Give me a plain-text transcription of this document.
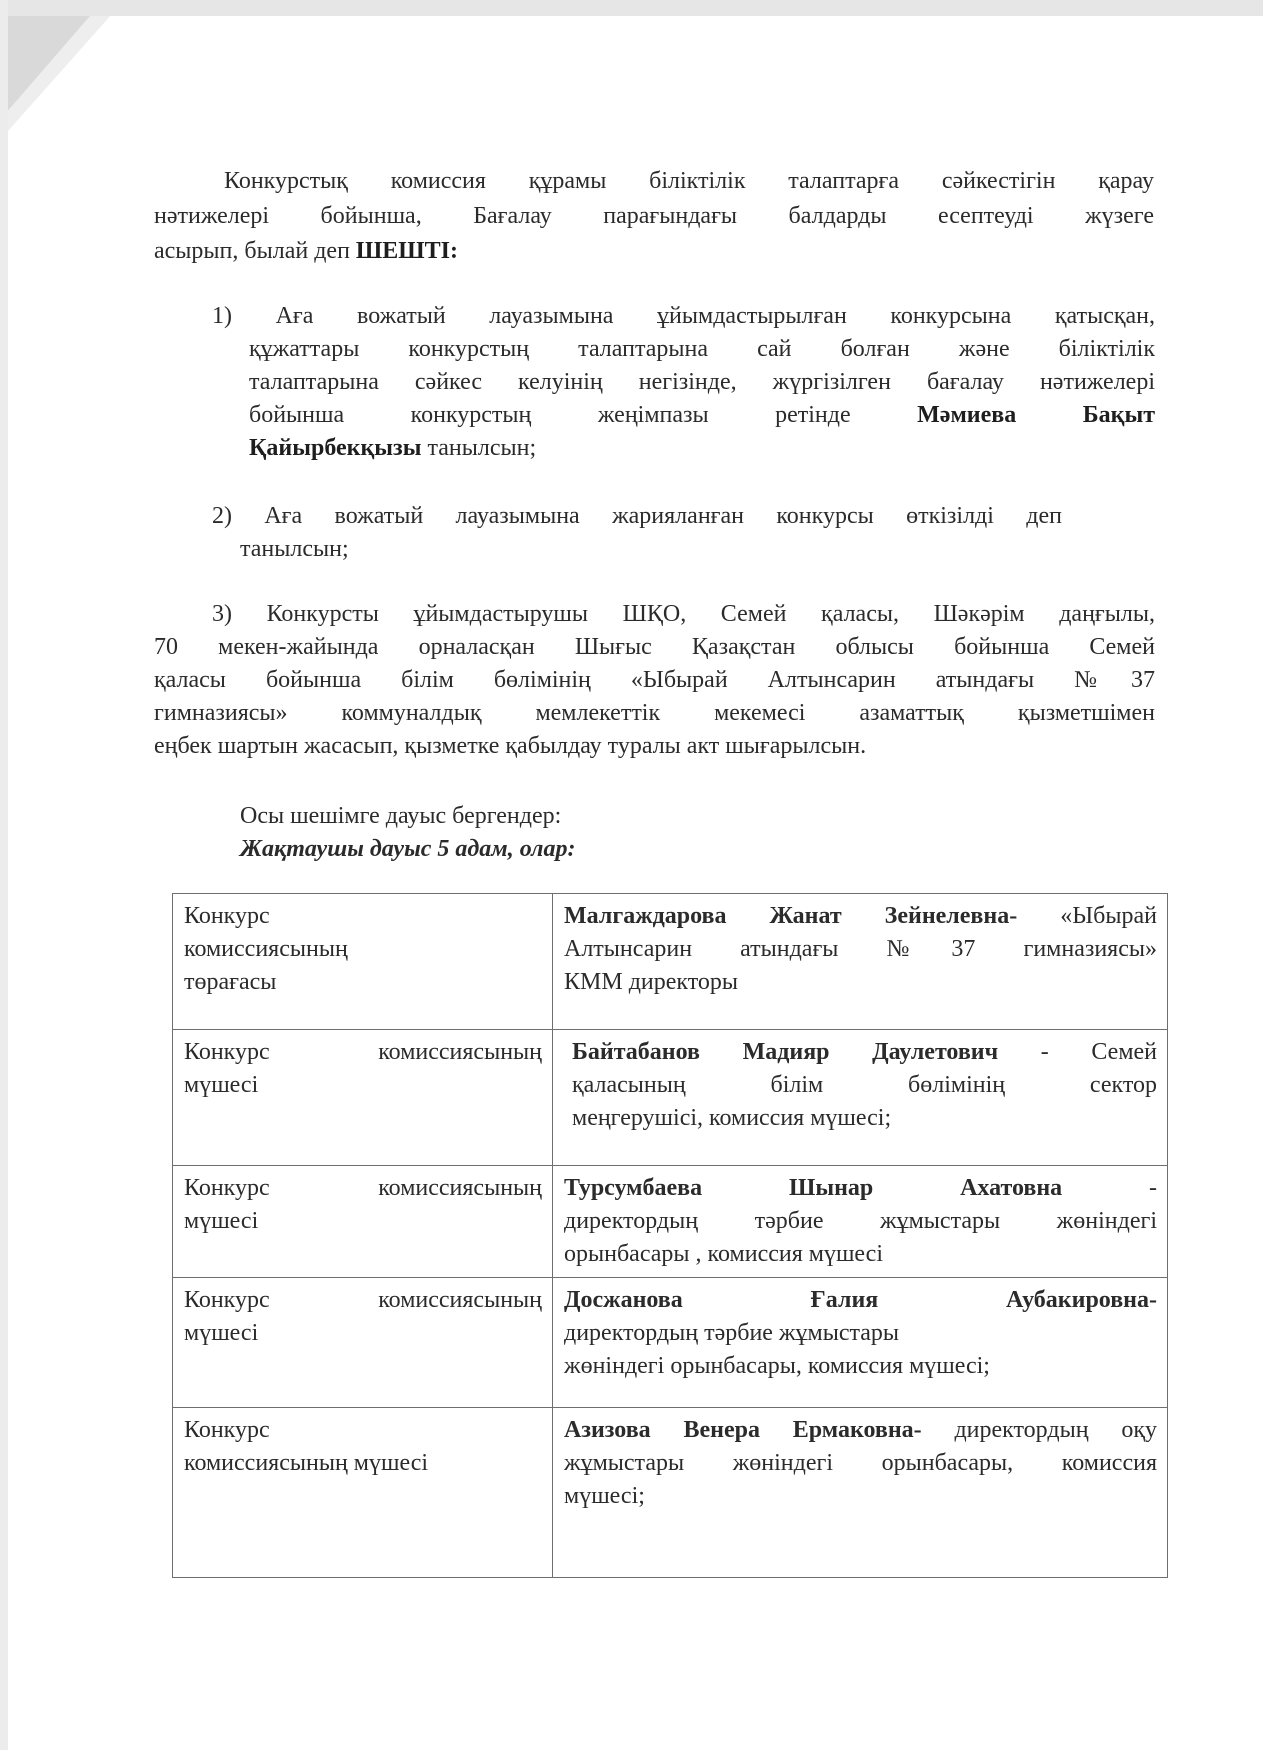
Конкурстық комиссия құрамы біліктілік талаптарға сәйкестігін қарау
нәтижелері бойынша, Бағалау парағындағы балдарды есептеуді жүзеге
асырып, былай деп ШЕШТІ:
1) Аға вожатый лауазымына ұйымдастырылған конкурсына қатысқан,
құжаттары конкурстың талаптарына сай болған және біліктілік
талаптарына сәйкес келуінің негізінде, жүргізілген бағалау нәтижелері
бойынша конкурстың жеңімпазы ретінде Мәмиева Бақыт
Қайырбекқызы танылсын;
2) Аға вожатый лауазымына жарияланған конкурсы өткізілді деп
танылсын;
3) Конкурсты ұйымдастырушы ШҚО, Семей қаласы, Шәкәрім даңғылы,
70 мекен-жайында орналасқан Шығыс Қазақстан облысы бойынша Семей
қаласы бойынша білім бөлімінің «Ыбырай Алтынсарин атындағы №37
гимназиясы» коммуналдық мемлекеттік мекемесі азаматтық қызметшімен
еңбек шартын жасасып, қызметке қабылдау туралы акт шығарылсын.
Осы шешімге дауыс бергендер:
Жақтаушы дауыс 5 адам, олар:
Конкурс
комиссиясының
төрағасы	Малгаждарова Жанат Зейнелевна- «Ыбырай
Алтынсарин атындағы №37 гимназиясы»
КММ директоры

Конкурс комиссиясының
мүшесі	Байтабанов Мадияр Даулетович - Семей
қаласының білім бөлімінің сектор
меңгерушісі, комиссия мүшесі;

Конкурс комиссиясының
мүшесі	Турсумбаева Шынар Ахатовна -
директордың тәрбие жұмыстары жөніндегі
орынбасары , комиссия мүшесі

Конкурс комиссиясының
мүшесі	Досжанова Ғалия Аубакировна-
директордың тәрбие жұмыстары
жөніндегі орынбасары, комиссия мүшесі;

Конкурс
комиссиясының мүшесі	Азизова Венера Ермаковна- директордың оқу
жұмыстары жөніндегі орынбасары, комиссия
мүшесі;
